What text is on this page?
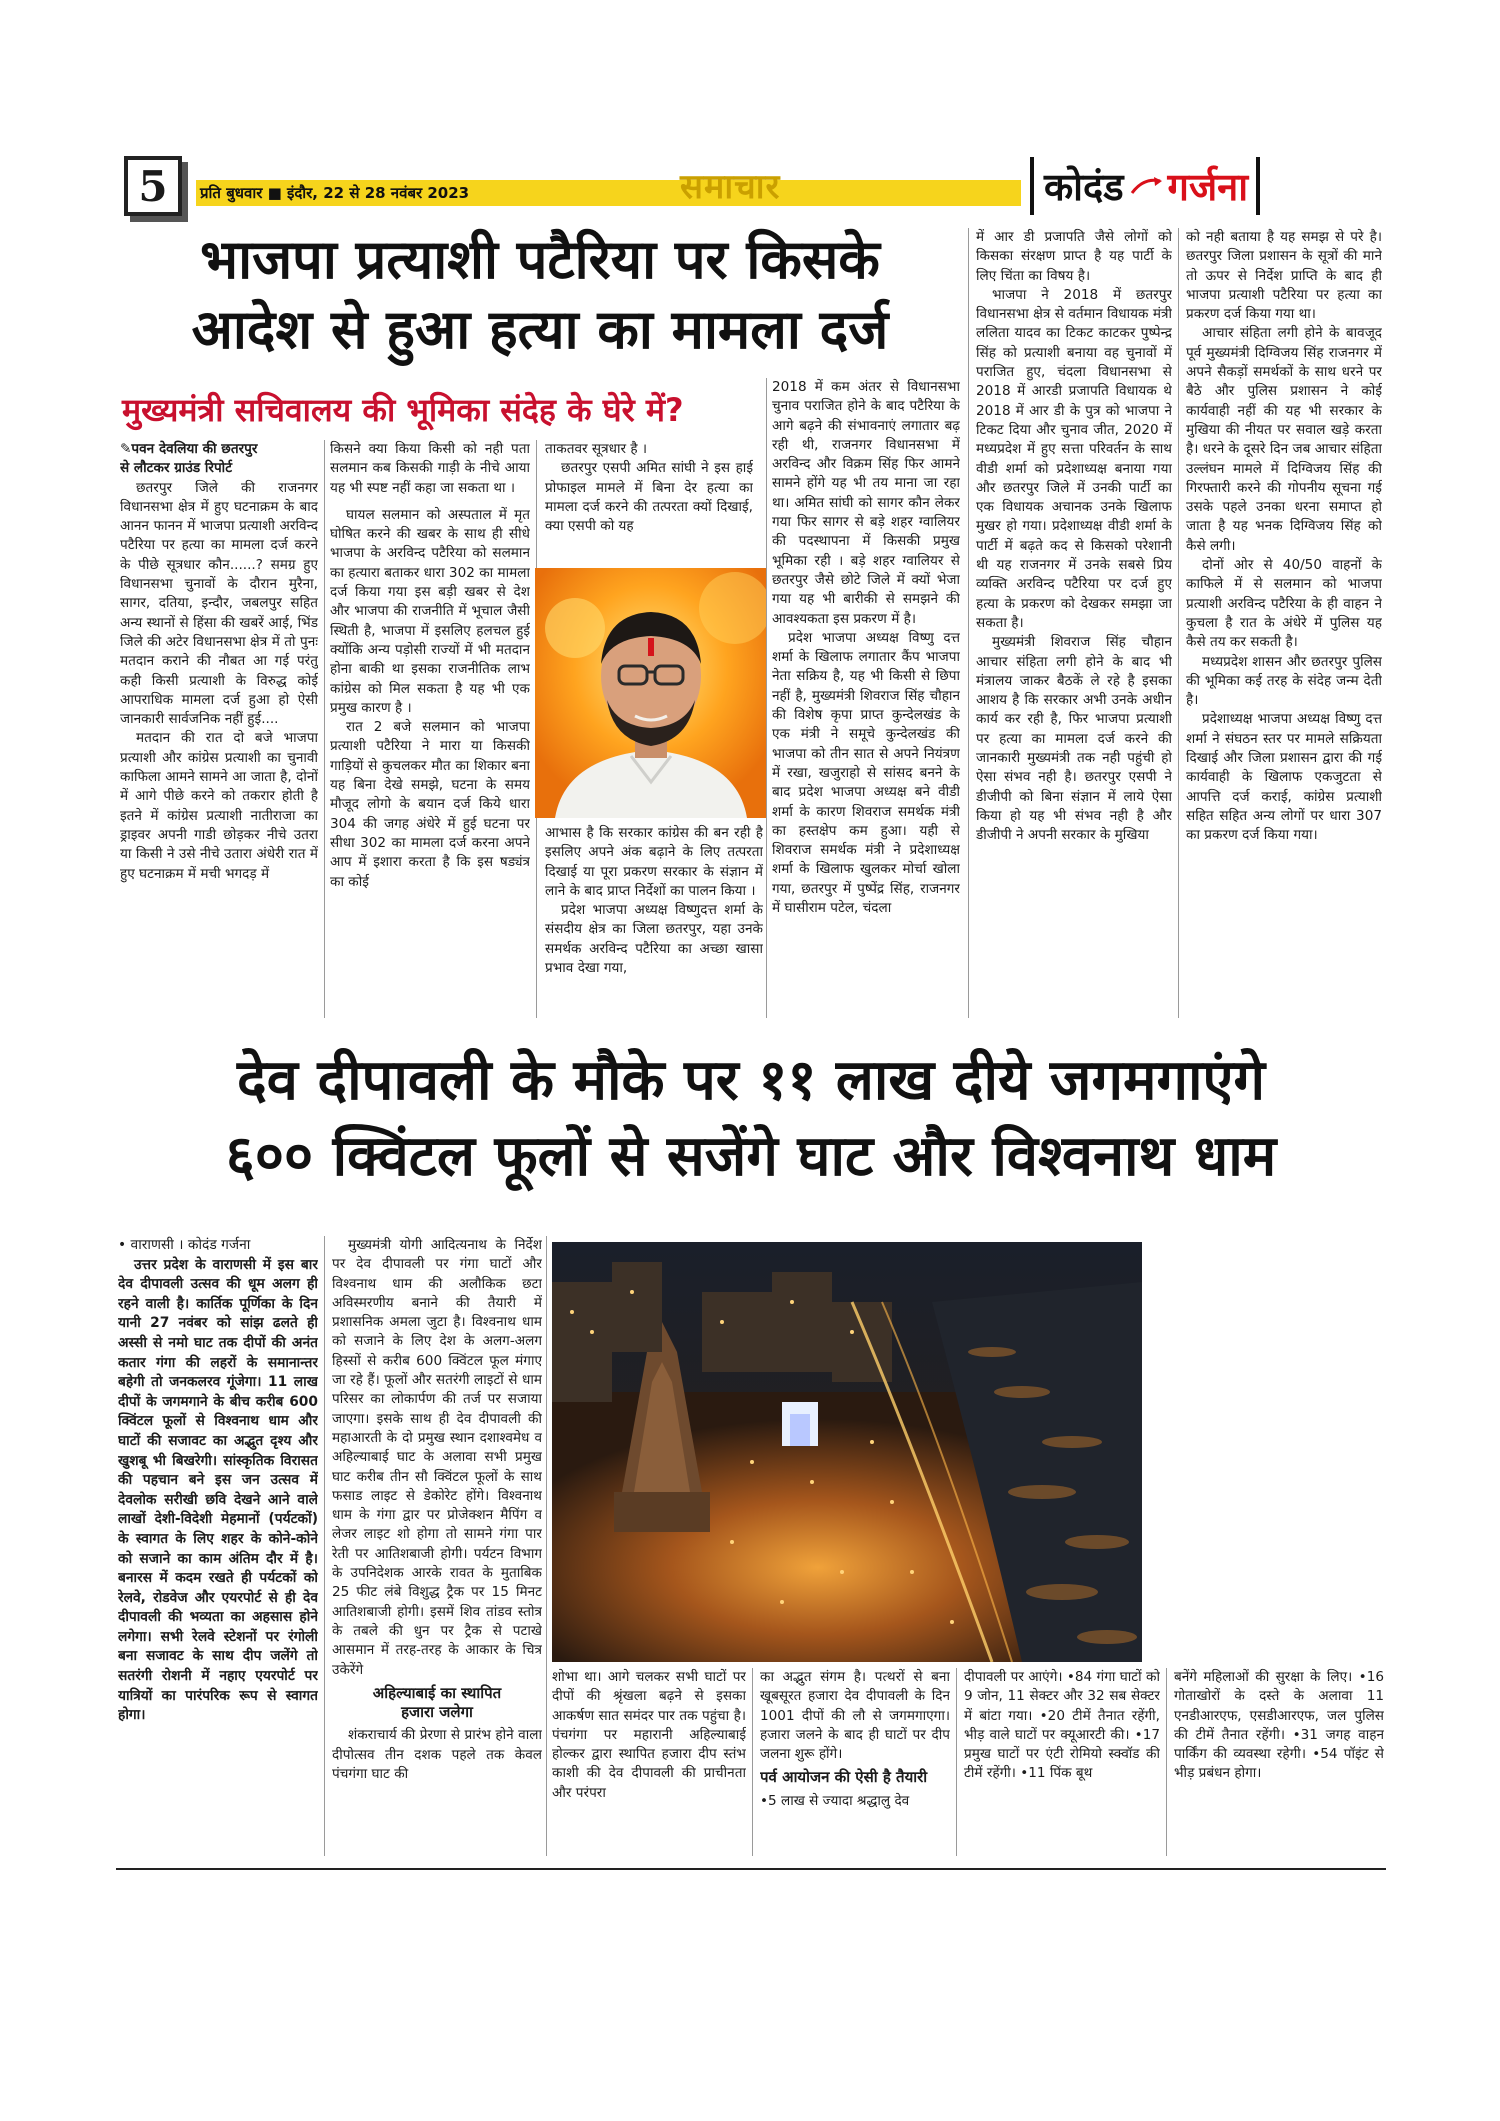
5	प्रति बुधवार ■ इंदौर, 22 से 28 नवंबर 2023	समाचार	कोदंड गर्जना
भाजपा प्रत्याशी पटैरिया पर किसके
आदेश से हुआ हत्या का मामला दर्ज
मुख्यमंत्री सचिवालय की भूमिका संदेह के घेरे में?

✎पवन देवलिया की छतरपुर

से लौटकर ग्राउंड रिपोर्ट

छतरपुर जिले की राजनगर विधानसभा क्षेत्र में हुए घटनाक्रम के बाद आनन फानन में भाजपा प्रत्याशी अरविन्द पटैरिया पर हत्या का मामला दर्ज करने के पीछे सूत्रधार कौन......? समग्र हुए विधानसभा चुनावों के दौरान मुरैना, सागर, दतिया, इन्दौर, जबलपुर सहित अन्य स्थानों से हिंसा की खबरें आई, भिंड जिले की अटेर विधानसभा क्षेत्र में तो पुनः मतदान कराने की नौबत आ गई परंतु कही किसी प्रत्याशी के विरुद्ध कोई आपराधिक मामला दर्ज हुआ हो ऐसी जानकारी सार्वजनिक नहीं हुई....

मतदान की रात दो बजे भाजपा प्रत्याशी और कांग्रेस प्रत्याशी का चुनावी काफिला आमने सामने आ जाता है, दोनों में आगे पीछे करने को तकरार होती है इतने में कांग्रेस प्रत्याशी नातीराजा का ड्राइवर अपनी गाडी छोड़कर नीचे उतरा या किसी ने उसे नीचे उतारा अंधेरी रात में हुए घटनाक्रम में मची भगदड़ में

किसने क्या किया किसी को नही पता सलमान कब किसकी गाड़ी के नीचे आया यह भी स्पष्ट नहीं कहा जा सकता था ।

घायल सलमान को अस्पताल में मृत घोषित करने की खबर के साथ ही सीधे भाजपा के अरविन्द पटैरिया को सलमान का हत्यारा बताकर धारा 302 का मामला दर्ज किया गया इस बड़ी खबर से देश और भाजपा की राजनीति में भूचाल जैसी स्थिती है, भाजपा में इसलिए हलचल हुई क्योंकि अन्य पड़ोसी राज्यों में भी मतदान होना बाकी था इसका राजनीतिक लाभ कांग्रेस को मिल सकता है यह भी एक प्रमुख कारण है ।

रात 2 बजे सलमान को भाजपा प्रत्याशी पटैरिया ने मारा या किसकी गाड़ियों से कुचलकर मौत का शिकार बना यह बिना देखे समझे, घटना के समय मौजूद लोगो के बयान दर्ज किये धारा 304 की जगह अंधेरे में हुई घटना पर सीधा 302 का मामला दर्ज करना अपने आप में इशारा करता है कि इस षड्यंत्र का कोई

ताकतवर सूत्रधार है ।

छतरपुर एसपी अमित सांघी ने इस हाई प्रोफाइल मामले में बिना देर हत्या का मामला दर्ज करने की तत्परता क्यों दिखाई, क्या एसपी को यह

2018 में कम अंतर से विधानसभा चुनाव पराजित होने के बाद पटैरिया के आगे बढ़ने की संभावनाएं लगातार बढ़ रही थी, राजनगर विधानसभा में अरविन्द और विक्रम सिंह फिर आमने सामने होंगे यह भी तय माना जा रहा था। अमित सांघी को सागर कौन लेकर गया फिर सागर से बड़े शहर ग्वालियर की पदस्थापना में किसकी प्रमुख भूमिका रही । बड़े शहर ग्वालियर से छतरपुर जैसे छोटे जिले में क्यों भेजा गया यह भी बारीकी से समझने की आवश्यकता इस प्रकरण में है।

प्रदेश भाजपा अध्यक्ष विष्णु दत्त शर्मा के खिलाफ लगातार कैंप भाजपा नेता सक्रिय है, यह भी किसी से छिपा नहीं है, मुख्यमंत्री शिवराज सिंह चौहान की विशेष कृपा प्राप्त कुन्देलखंड के एक मंत्री ने समूचे कुन्देलखंड की भाजपा को तीन सात से अपने नियंत्रण में रखा, खजुराहो से सांसद बनने के बाद प्रदेश भाजपा अध्यक्ष बने वीडी शर्मा के कारण शिवराज समर्थक मंत्री का हस्तक्षेप कम हुआ। यही से शिवराज समर्थक मंत्री ने प्रदेशाध्यक्ष शर्मा के खिलाफ खुलकर मोर्चा खोला गया, छतरपुर में पुष्पेंद्र सिंह, राजनगर में घासीराम पटेल, चंदला

आभास है कि सरकार कांग्रेस की बन रही है इसलिए अपने अंक बढ़ाने के लिए तत्परता दिखाई या पूरा प्रकरण सरकार के संज्ञान में लाने के बाद प्राप्त निर्देशों का पालन किया ।

प्रदेश भाजपा अध्यक्ष विष्णुदत्त शर्मा के संसदीय क्षेत्र का जिला छतरपुर, यहा उनके समर्थक अरविन्द पटैरिया का अच्छा खासा प्रभाव देखा गया,

में आर डी प्रजापति जैसे लोगों को किसका संरक्षण प्राप्त है यह पार्टी के लिए चिंता का विषय है।

भाजपा ने 2018 में छतरपुर विधानसभा क्षेत्र से वर्तमान विधायक मंत्री ललिता यादव का टिकट काटकर पुष्पेन्द्र सिंह को प्रत्याशी बनाया वह चुनावों में पराजित हुए, चंदला विधानसभा से 2018 में आरडी प्रजापति विधायक थे 2018 में आर डी के पुत्र को भाजपा ने टिकट दिया और चुनाव जीत, 2020 में मध्यप्रदेश में हुए सत्ता परिवर्तन के साथ वीडी शर्मा को प्रदेशाध्यक्ष बनाया गया और छतरपुर जिले में उनकी पार्टी का एक विधायक अचानक उनके खिलाफ मुखर हो गया। प्रदेशाध्यक्ष वीडी शर्मा के पार्टी में बढ़ते कद से किसको परेशानी थी यह राजनगर में उनके सबसे प्रिय व्यक्ति अरविन्द पटैरिया पर दर्ज हुए हत्या के प्रकरण को देखकर समझा जा सकता है।

मुख्यमंत्री शिवराज सिंह चौहान आचार संहिता लगी होने के बाद भी मंत्रालय जाकर बैठकें ले रहे है इसका आशय है कि सरकार अभी उनके अधीन कार्य कर रही है, फिर भाजपा प्रत्याशी पर हत्या का मामला दर्ज करने की जानकारी मुख्यमंत्री तक नही पहुंची हो ऐसा संभव नही है। छतरपुर एसपी ने डीजीपी को बिना संज्ञान में लाये ऐसा किया हो यह भी संभव नही है और डीजीपी ने अपनी सरकार के मुखिया

को नही बताया है यह समझ से परे है। छतरपुर जिला प्रशासन के सूत्रों की माने तो ऊपर से निर्देश प्राप्ति के बाद ही भाजपा प्रत्याशी पटैरिया पर हत्या का प्रकरण दर्ज किया गया था।

आचार संहिता लगी होने के बावजूद पूर्व मुख्यमंत्री दिग्विजय सिंह राजनगर में अपने सैकड़ों समर्थकों के साथ धरने पर बैठे और पुलिस प्रशासन ने कोई कार्यवाही नहीं की यह भी सरकार के मुखिया की नीयत पर सवाल खड़े करता है। धरने के दूसरे दिन जब आचार संहिता उल्लंघन मामले में दिग्विजय सिंह की गिरफ्तारी करने की गोपनीय सूचना गई उसके पहले उनका धरना समाप्त हो जाता है यह भनक दिग्विजय सिंह को कैसे लगी।

दोनों ओर से 40/50 वाहनों के काफिले में से सलमान को भाजपा प्रत्याशी अरविन्द पटैरिया के ही वाहन ने कुचला है रात के अंधेरे में पुलिस यह कैसे तय कर सकती है।

मध्यप्रदेश शासन और छतरपुर पुलिस की भूमिका कई तरह के संदेह जन्म देती है।

प्रदेशाध्यक्ष भाजपा अध्यक्ष विष्णु दत्त शर्मा ने संघठन स्तर पर मामले सक्रियता दिखाई और जिला प्रशासन द्वारा की गई कार्यवाही के खिलाफ एकजुटता से आपत्ति दर्ज कराई, कांग्रेस प्रत्याशी सहित सहित अन्य लोगों पर धारा 307 का प्रकरण दर्ज किया गया।

देव दीपावली के मौके पर ११ लाख दीये जगमगाएंगे
६०० क्विंटल फूलों से सजेंगे घाट और विश्वनाथ धाम

• वाराणसी । कोदंड गर्जना

उत्तर प्रदेश के वाराणसी में इस बार देव दीपावली उत्सव की धूम अलग ही रहने वाली है। कार्तिक पूर्णिका के दिन यानी 27 नवंबर को सांझ ढलते ही अस्सी से नमो घाट तक दीपों की अनंत कतार गंगा की लहरों के समानान्तर बहेगी तो जनकलरव गूंजेगा। 11 लाख दीपों के जगमगाने के बीच करीब 600 क्विंटल फूलों से विश्वनाथ धाम और घाटों की सजावट का अद्भुत दृश्य और खुशबू भी बिखरेगी। सांस्कृतिक विरासत की पहचान बने इस जन उत्सव में देवलोक सरीखी छवि देखने आने वाले लाखों देशी-विदेशी मेहमानों (पर्यटकों) के स्वागत के लिए शहर के कोने-कोने को सजाने का काम अंतिम दौर में है। बनारस में कदम रखते ही पर्यटकों को रेलवे, रोडवेज और एयरपोर्ट से ही देव दीपावली की भव्यता का अहसास होने लगेगा। सभी रेलवे स्टेशनों पर रंगोली बना सजावट के साथ दीप जलेंगे तो सतरंगी रोशनी में नहाए एयरपोर्ट पर यात्रियों का पारंपरिक रूप से स्वागत होगा।

मुख्यमंत्री योगी आदित्यनाथ के निर्देश पर देव दीपावली पर गंगा घाटों और विश्वनाथ धाम की अलौकिक छटा अविस्मरणीय बनाने की तैयारी में प्रशासनिक अमला जुटा है। विश्वनाथ धाम को सजाने के लिए देश के अलग-अलग हिस्सों से करीब 600 क्विंटल फूल मंगाए जा रहे हैं। फूलों और सतरंगी लाइटों से धाम परिसर का लोकार्पण की तर्ज पर सजाया जाएगा। इसके साथ ही देव दीपावली की महाआरती के दो प्रमुख स्थान दशाश्वमेध व अहिल्याबाई घाट के अलावा सभी प्रमुख घाट करीब तीन सौ क्विंटल फूलों के साथ फसाड लाइट से डेकोरेट होंगे। विश्वनाथ धाम के गंगा द्वार पर प्रोजेक्शन मैपिंग व लेजर लाइट शो होगा तो सामने गंगा पार रेती पर आतिशबाजी होगी। पर्यटन विभाग के उपनिदेशक आरके रावत के मुताबिक 25 फीट लंबे विशुद्ध ट्रैक पर 15 मिनट आतिशबाजी होगी। इसमें शिव तांडव स्तोत्र के तबले की धुन पर ट्रैक से पटाखे आसमान में तरह-तरह के आकार के चित्र उकेरेंगे

अहिल्याबाई का स्थापित

हजारा जलेगा

शंकराचार्य की प्रेरणा से प्रारंभ होने वाला दीपोत्सव तीन दशक पहले तक केवल पंचगंगा घाट की

शोभा था। आगे चलकर सभी घाटों पर दीपों की श्रृंखला बढ़ने से इसका आकर्षण सात समंदर पार तक पहुंचा है। पंचगंगा पर महारानी अहिल्याबाई होल्कर द्वारा स्थापित हजारा दीप स्तंभ काशी की देव दीपावली की प्राचीनता और परंपरा

का अद्भुत संगम है। पत्थरों से बना खूबसूरत हजारा देव दीपावली के दिन 1001 दीपों की लौ से जगमगाएगा। हजारा जलने के बाद ही घाटों पर दीप जलना शुरू होंगे।

पर्व आयोजन की ऐसी है तैयारी

•5 लाख से ज्यादा श्रद्धालु देव

दीपावली पर आएंगे। •84 गंगा घाटों को 9 जोन, 11 सेक्टर और 32 सब सेक्टर में बांटा गया। •20 टीमें तैनात रहेंगी, भीड़ वाले घाटों पर क्यूआरटी की। •17 प्रमुख घाटों पर एंटी रोमियो स्क्वॉड की टीमें रहेंगी। •11 पिंक बूथ

बनेंगे महिलाओं की सुरक्षा के लिए। •16 गोताखोरों के दस्ते के अलावा 11 एनडीआरएफ, एसडीआरएफ, जल पुलिस की टीमें तैनात रहेंगी। •31 जगह वाहन पार्किंग की व्यवस्था रहेगी। •54 पॉइंट से भीड़ प्रबंधन होगा।
